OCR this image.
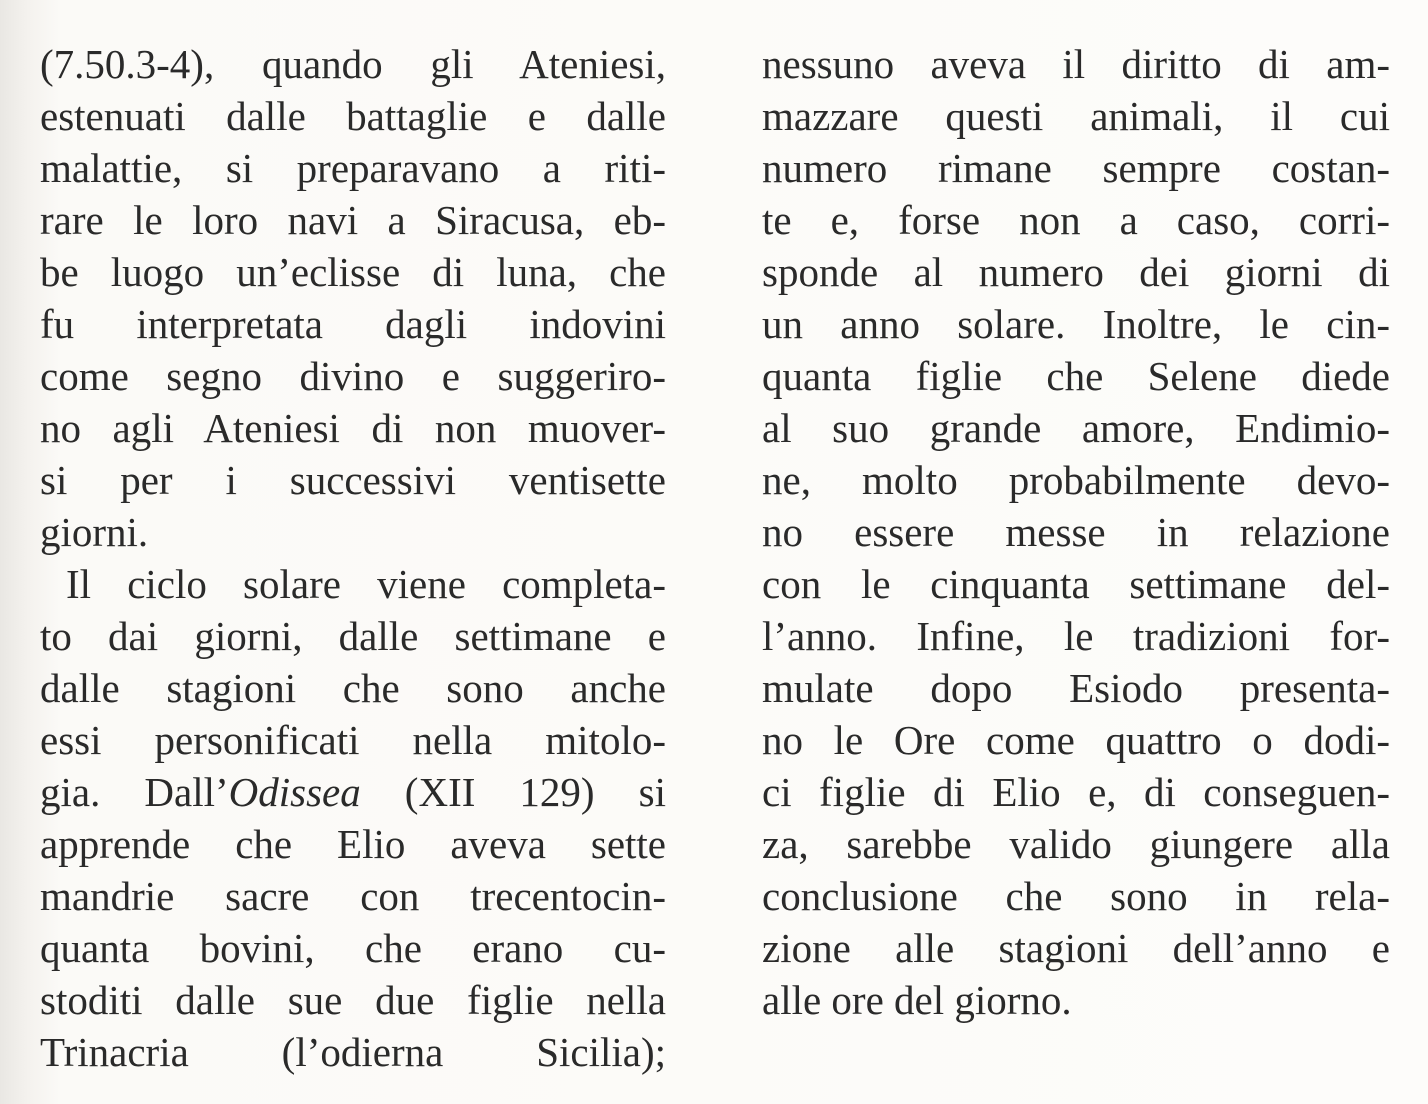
(7.50.3-4), quando gli Ateniesi,
estenuati dalle battaglie e dalle
malattie, si preparavano a riti-
rare le loro navi a Siracusa, eb-
be luogo un’eclisse di luna, che
fu interpretata dagli indovini
come segno divino e suggeriro-
no agli Ateniesi di non muover-
si per i successivi ventisette
giorni.
Il ciclo solare viene completa-
to dai giorni, dalle settimane e
dalle stagioni che sono anche
essi personificati nella mitolo-
gia. Dall’Odissea (XII 129) si
apprende che Elio aveva sette
mandrie sacre con trecentocin-
quanta bovini, che erano cu-
stoditi dalle sue due figlie nella
Trinacria (l’odierna Sicilia);
nessuno aveva il diritto di am-
mazzare questi animali, il cui
numero rimane sempre costan-
te e, forse non a caso, corri-
sponde al numero dei giorni di
un anno solare. Inoltre, le cin-
quanta figlie che Selene diede
al suo grande amore, Endimio-
ne, molto probabilmente devo-
no essere messe in relazione
con le cinquanta settimane del-
l’anno. Infine, le tradizioni for-
mulate dopo Esiodo presenta-
no le Ore come quattro o dodi-
ci figlie di Elio e, di conseguen-
za, sarebbe valido giungere alla
conclusione che sono in rela-
zione alle stagioni dell’anno e
alle ore del giorno.
